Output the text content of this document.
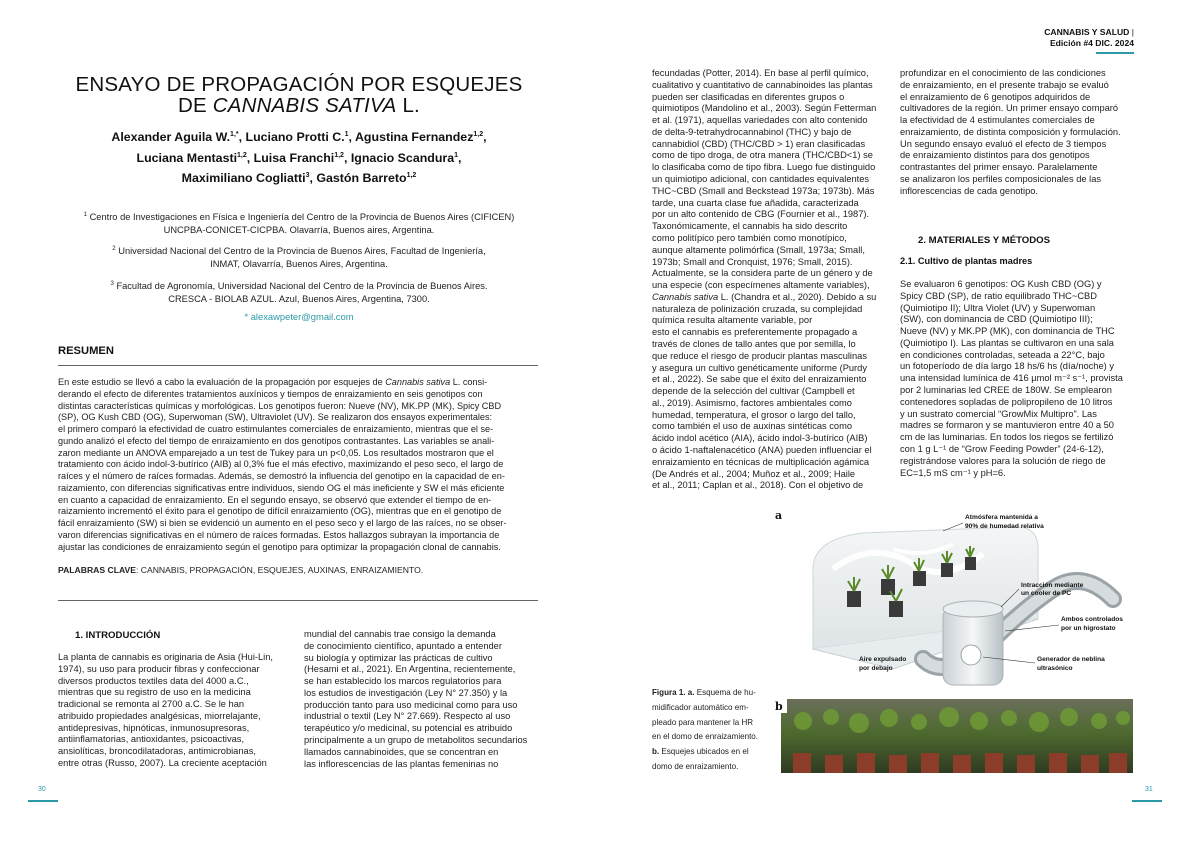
ENSAYO DE PROPAGACIÓN POR ESQUEJES
DE CANNABIS SATIVA L.
Alexander Aguila W.$^{1,*}$, Luciano Protti C.$^1$, Agustina Fernandez$^{1,2}$,
Luciana Mentasti$^{1,2}$, Luisa Franchi$^{1,2}$, Ignacio Scandura$^1$,
Maximiliano Cogliatti$^3$, Gastón Barreto$^{1,2}$
$^1$ Centro de Investigaciones en Física e Ingeniería del Centro de la Provincia de Buenos Aires (CIFICEN)
UNCPBA-CONICET-CICPBA. Olavarría, Buenos aires, Argentina.
$^2$ Universidad Nacional del Centro de la Provincia de Buenos Aires, Facultad de Ingeniería,
INMAT, Olavarría, Buenos Aires, Argentina.
$^3$ Facultad de Agronomía, Universidad Nacional del Centro de la Provincia de Buenos Aires.
CRESCA - BIOLAB AZUL. Azul, Buenos Aires, Argentina, 7300.
* alexawpeter@gmail.com
RESUMEN
En este estudio se llevó a cabo la evaluación de la propagación por esquejes de Cannabis sativa L. consi-
derando el efecto de diferentes tratamientos auxínicos y tiempos de enraizamiento en seis genotipos con
distintas características químicas y morfológicas. Los genotipos fueron: Nueve (NV), MK.PP (MK), Spicy CBD
(SP), OG Kush CBD (OG), Superwoman (SW), Ultraviolet (UV). Se realizaron dos ensayos experimentales:
el primero comparó la efectividad de cuatro estimulantes comerciales de enraizamiento, mientras que el se-
gundo analizó el efecto del tiempo de enraizamiento en dos genotipos contrastantes. Las variables se anali-
zaron mediante un ANOVA emparejado a un test de Tukey para un p<0,05. Los resultados mostraron que el
tratamiento con ácido indol-3-butírico (AIB) al 0,3% fue el más efectivo, maximizando el peso seco, el largo de
raíces y el número de raíces formadas. Además, se demostró la influencia del genotipo en la capacidad de en-
raizamiento, con diferencias significativas entre individuos, siendo OG el más ineficiente y SW el más eficiente
en cuanto a capacidad de enraizamiento. En el segundo ensayo, se observó que extender el tiempo de en-
raizamiento incrementó el éxito para el genotipo de difícil enraizamiento (OG), mientras que en el genotipo de
fácil enraizamiento (SW) si bien se evidenció un aumento en el peso seco y el largo de las raíces, no se obser-
varon diferencias significativas en el número de raíces formadas. Estos hallazgos subrayan la importancia de
ajustar las condiciones de enraizamiento según el genotipo para optimizar la propagación clonal de cannabis.
PALABRAS CLAVE: CANNABIS, PROPAGACIÓN, ESQUEJES, AUXINAS, ENRAIZAMIENTO.
1. INTRODUCCIÓN
La planta de cannabis es originaria de Asia (Hui-Lin,
1974), su uso para producir fibras y confeccionar
diversos productos textiles data del 4000 a.C.,
mientras que su registro de uso en la medicina
tradicional se remonta al 2700 a.C. Se le han
atribuido propiedades analgésicas, miorrelajante,
antidepresivas, hipnóticas, inmunosupresoras,
antiinflamatorias, antioxidantes, psicoactivas,
ansiolíticas, broncodilatadoras, antimicrobianas,
entre otras (Russo, 2007). La creciente aceptación
mundial del cannabis trae consigo la demanda
de conocimiento científico, apuntado a entender
su biología y optimizar las prácticas de cultivo
(Hesami et al., 2021). En Argentina, recientemente,
se han establecido los marcos regulatorios para
los estudios de investigación (Ley N° 27.350) y la
producción tanto para uso medicinal como para uso
industrial o textil (Ley N° 27.669). Respecto al uso
terapéutico y/o medicinal, su potencial es atribuido
principalmente a un grupo de metabolitos secundarios
llamados cannabinoides, que se concentran en
las inflorescencias de las plantas femeninas no
30
CANNABIS Y SALUD |
Edición #4 DIC. 2024
fecundadas (Potter, 2014). En base al perfil químico,
cualitativo y cuantitativo de cannabinoides las plantas
pueden ser clasificadas en diferentes grupos o
quimiotipos (Mandolino et al., 2003). Según Fetterman
et al. (1971), aquellas variedades con alto contenido
de delta-9-tetrahydrocannabinol (THC) y bajo de
cannabidiol (CBD) (THC/CBD > 1) eran clasificadas
como de tipo droga, de otra manera (THC/CBD<1) se
lo clasificaba como de tipo fibra. Luego fue distinguido
un quimiotipo adicional, con cantidades equivalentes
THC~CBD (Small and Beckstead 1973a; 1973b). Más
tarde, una cuarta clase fue añadida, caracterizada
por un alto contenido de CBG (Fournier et al., 1987).
Taxonómicamente, el cannabis ha sido descrito
como politípico pero también como monotípico,
aunque altamente polimórfica (Small, 1973a; Small,
1973b; Small and Cronquist, 1976; Small, 2015).
Actualmente, se la considera parte de un género y de
una especie (con especímenes altamente variables),
Cannabis sativa L. (Chandra et al., 2020). Debido a su
naturaleza de polinización cruzada, su complejidad
química resulta altamente variable, por
esto el cannabis es preferentemente propagado a
través de clones de tallo antes que por semilla, lo
que reduce el riesgo de producir plantas masculinas
y asegura un cultivo genéticamente uniforme (Purdy
et al., 2022). Se sabe que el éxito del enraizamiento
depende de la selección del cultivar (Campbell et
al., 2019). Asimismo, factores ambientales como
humedad, temperatura, el grosor o largo del tallo,
como también el uso de auxinas sintéticas como
ácido indol acético (AIA), ácido indol-3-butírico (AIB)
o ácido 1-naftalenacético (ANA) pueden influenciar el
enraizamiento en técnicas de multiplicación agámica
(De Andrés et al., 2004; Muñoz et al., 2009; Haile
et al., 2011; Caplan et al., 2018). Con el objetivo de
profundizar en el conocimiento de las condiciones
de enraizamiento, en el presente trabajo se evaluó
el enraizamiento de 6 genotipos adquiridos de
cultivadores de la región. Un primer ensayo comparó
la efectividad de 4 estimulantes comerciales de
enraizamiento, de distinta composición y formulación.
Un segundo ensayo evaluó el efecto de 3 tiempos
de enraizamiento distintos para dos genotipos
contrastantes del primer ensayo. Paralelamente
se analizaron los perfiles composicionales de las
inflorescencias de cada genotipo.
2. MATERIALES Y MÉTODOS
2.1. Cultivo de plantas madres
Se evaluaron 6 genotipos: OG Kush CBD (OG) y
Spicy CBD (SP), de ratio equilibrado THC~CBD
(Quimiotipo II); Ultra Violet (UV) y Superwoman
(SW), con dominancia de CBD (Quimiotipo III);
Nueve (NV) y MK.PP (MK), con dominancia de THC
(Quimiotipo I). Las plantas se cultivaron en una sala
en condiciones controladas, seteada a 22°C, bajo
un fotoperíodo de día largo 18 hs/6 hs (día/noche) y
una intensidad lumínica de 416 µmol m⁻² s⁻¹, provista
por 2 luminarias led CREE de 180W. Se emplearon
contenedores sopladas de polipropileno de 10 litros
y un sustrato comercial “GrowMix Multipro”. Las
madres se formaron y se mantuvieron entre 40 a 50
cm de las luminarias. En todos los riegos se fertilizó
con 1 g L⁻¹ de “Grow Feeding Powder” (24-6-12),
registrándose valores para la solución de riego de
EC=1,5 mS cm⁻¹ y pH=6.
a	Atmósfera mantenida a
90% de humedad relativa
Intracción mediante
un cooler de PC
Ambos controlados
por un higrostato
Aire expulsado
por debajo
Generador de neblina
ultrasónico
b
Figura 1. a. Esquema de hu-
midificador automático em-
pleado para mantener la HR
en el domo de enraizamiento.
b. Esquejes ubicados en el
domo de enraizamiento.
31
